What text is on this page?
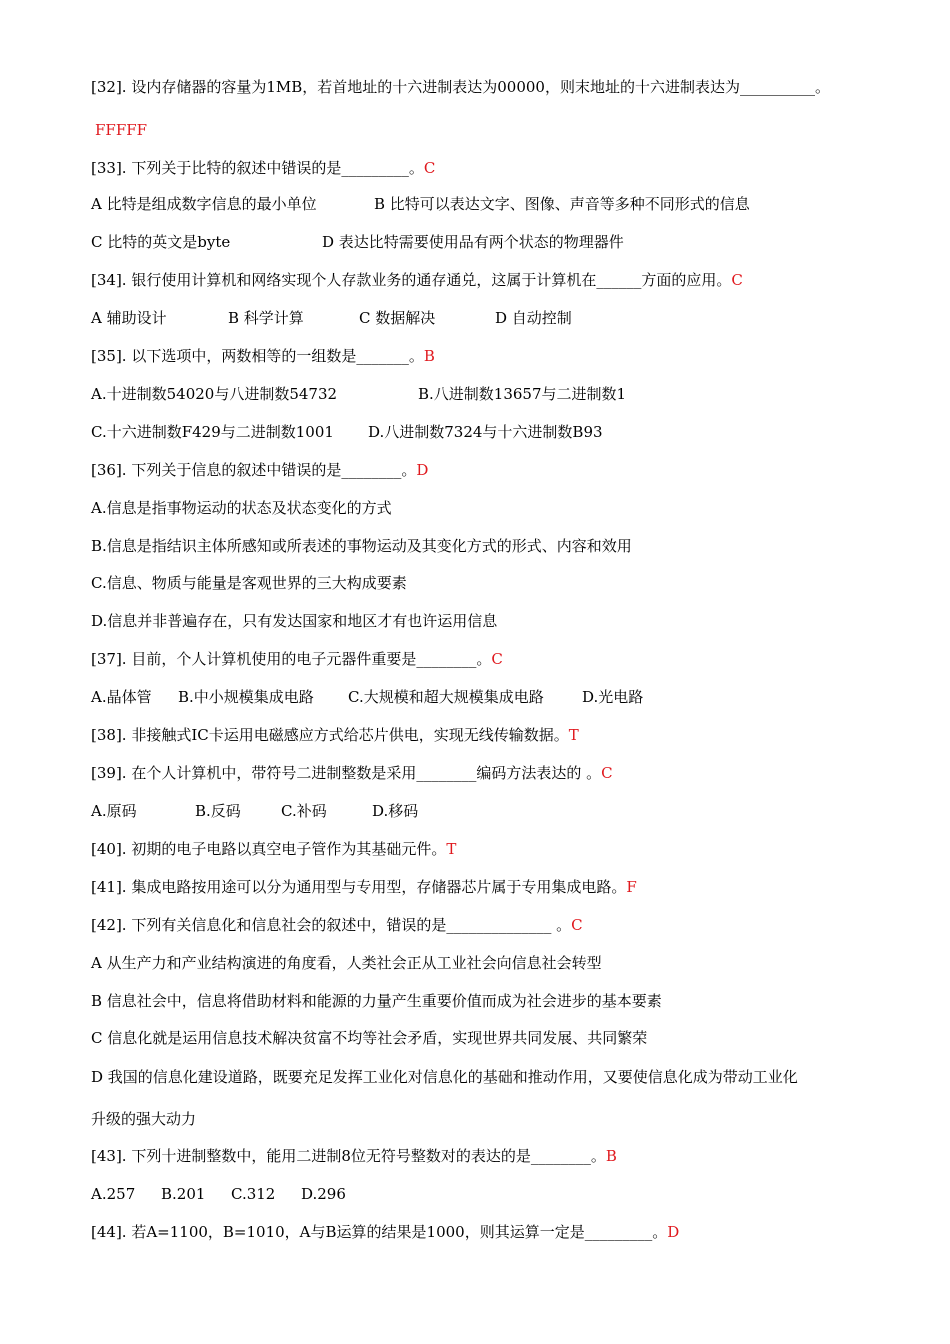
[32]. 设内存储器的容量为1MB，若首地址的十六进制表达为00000，则末地址的十六进制表达为__________。
FFFFF
[33]. 下列关于比特的叙述中错误的是_________。C
A 比特是组成数字信息的最小单位	B 比特可以表达文字、图像、声音等多种不同形式的信息
C 比特的英文是byte	D 表达比特需要使用品有两个状态的物理器件
[34]. 银行使用计算机和网络实现个人存款业务的通存通兑，这属于计算机在______方面的应用。C
A 辅助设计	B 科学计算	C 数据解决	D 自动控制
[35]. 以下选项中，两数相等的一组数是_______。B
A.十进制数54020与八进制数54732	B.八进制数13657与二进制数1
C.十六进制数F429与二进制数1001 D.八进制数7324与十六进制数B93
[36]. 下列关于信息的叙述中错误的是________。D
A.信息是指事物运动的状态及状态变化的方式
B.信息是指结识主体所感知或所表述的事物运动及其变化方式的形式、内容和效用
C.信息、物质与能量是客观世界的三大构成要素
D.信息并非普遍存在，只有发达国家和地区才有也许运用信息
[37]. 目前，个人计算机使用的电子元器件重要是________。C
A.晶体管 B.中小规模集成电路 C.大规模和超大规模集成电路	D.光电路
[38]. 非接触式IC卡运用电磁感应方式给芯片供电，实现无线传输数据。T
[39]. 在个人计算机中，带符号二进制整数是采用________编码方法表达的 。C
A.原码	B.反码	C.补码	D.移码
[40]. 初期的电子电路以真空电子管作为其基础元件。T
[41]. 集成电路按用途可以分为通用型与专用型，存储器芯片属于专用集成电路。F
[42]. 下列有关信息化和信息社会的叙述中，错误的是______________ 。C
A 从生产力和产业结构演进的角度看，人类社会正从工业社会向信息社会转型
B 信息社会中，信息将借助材料和能源的力量产生重要价值而成为社会进步的基本要素
C 信息化就是运用信息技术解决贫富不均等社会矛盾，实现世界共同发展、共同繁荣
D 我国的信息化建设道路，既要充足发挥工业化对信息化的基础和推动作用，又要使信息化成为带动工业化
升级的强大动力
[43]. 下列十进制整数中，能用二进制8位无符号整数对的表达的是________。B
A.257 B.201 C.312 D.296
[44]. 若A=1100，B=1010，A与B运算的结果是1000，则其运算一定是_________。D
